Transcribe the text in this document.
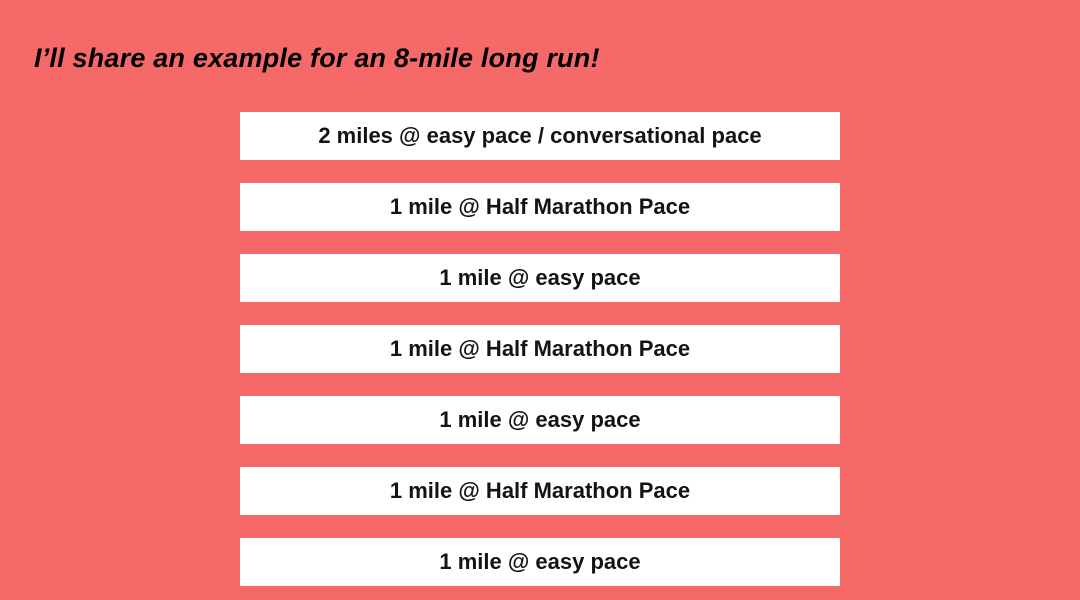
I’ll share an example for an 8-mile long run!
2 miles @ easy pace / conversational pace
1 mile @ Half Marathon Pace
1 mile @ easy pace
1 mile @ Half Marathon Pace
1 mile @ easy pace
1 mile @ Half Marathon Pace
1 mile @ easy pace
